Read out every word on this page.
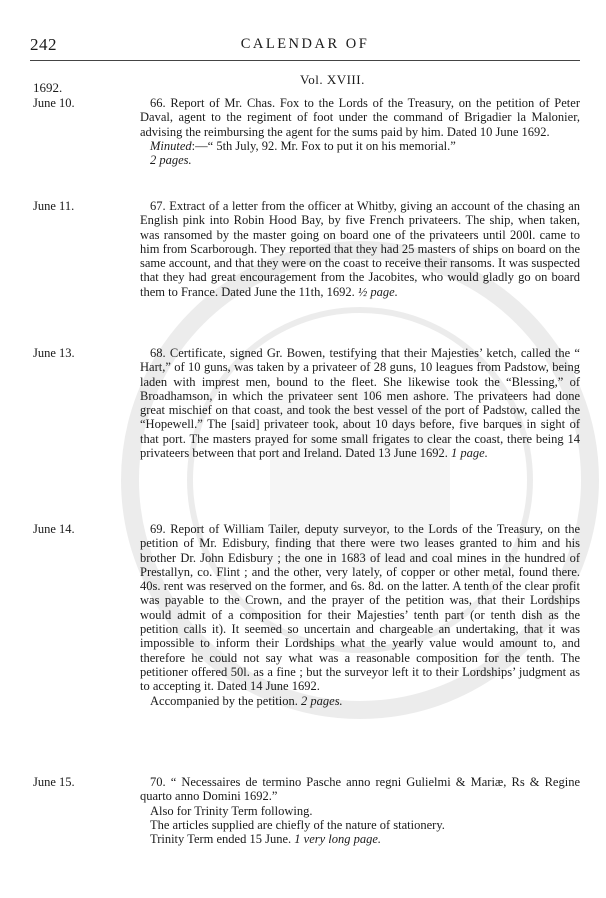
242	CALENDAR OF
1692.
Vol. XVIII.
June 10.	66. Report of Mr. Chas. Fox to the Lords of the Treasury, on the petition of Peter Daval, agent to the regiment of foot under the command of Brigadier la Malonier, advising the reimbursing the agent for the sums paid by him. Dated 10 June 1692.

Minuted:—“ 5th July, 92. Mr. Fox to put it on his memorial.”

2 pages.

June 11.	67. Extract of a letter from the officer at Whitby, giving an account of the chasing an English pink into Robin Hood Bay, by five French privateers. The ship, when taken, was ransomed by the master going on board one of the privateers until 200l. came to him from Scarborough. They reported that they had 25 masters of ships on board on the same account, and that they were on the coast to receive their ransoms. It was suspected that they had great encouragement from the Jacobites, who would gladly go on board them to France. Dated June the 11th, 1692. ½ page.

June 13.	68. Certificate, signed Gr. Bowen, testifying that their Majesties’ ketch, called the “ Hart,” of 10 guns, was taken by a privateer of 28 guns, 10 leagues from Padstow, being laden with imprest men, bound to the fleet. She likewise took the “Blessing,” of Broadhamson, in which the privateer sent 106 men ashore. The privateers had done great mischief on that coast, and took the best vessel of the port of Padstow, called the “Hopewell.” The [said] privateer took, about 10 days before, five barques in sight of that port. The masters prayed for some small frigates to clear the coast, there being 14 privateers between that port and Ireland. Dated 13 June 1692. 1 page.

June 14.	69. Report of William Tailer, deputy surveyor, to the Lords of the Treasury, on the petition of Mr. Edisbury, finding that there were two leases granted to him and his brother Dr. John Edisbury ; the one in 1683 of lead and coal mines in the hundred of Prestallyn, co. Flint ; and the other, very lately, of copper or other metal, found there. 40s. rent was reserved on the former, and 6s. 8d. on the latter. A tenth of the clear profit was payable to the Crown, and the prayer of the petition was, that their Lordships would admit of a composition for their Majesties’ tenth part (or tenth dish as the petition calls it). It seemed so uncertain and chargeable an undertaking, that it was impossible to inform their Lordships what the yearly value would amount to, and therefore he could not say what was a reasonable composition for the tenth. The petitioner offered 50l. as a fine ; but the surveyor left it to their Lordships’ judgment as to accepting it. Dated 14 June 1692.

Accompanied by the petition. 2 pages.

June 15.	70. “ Necessaires de termino Pasche anno regni Gulielmi & Mariæ, Rs & Regine quarto anno Domini 1692.”

Also for Trinity Term following.

The articles supplied are chiefly of the nature of stationery.

Trinity Term ended 15 June. 1 very long page.
